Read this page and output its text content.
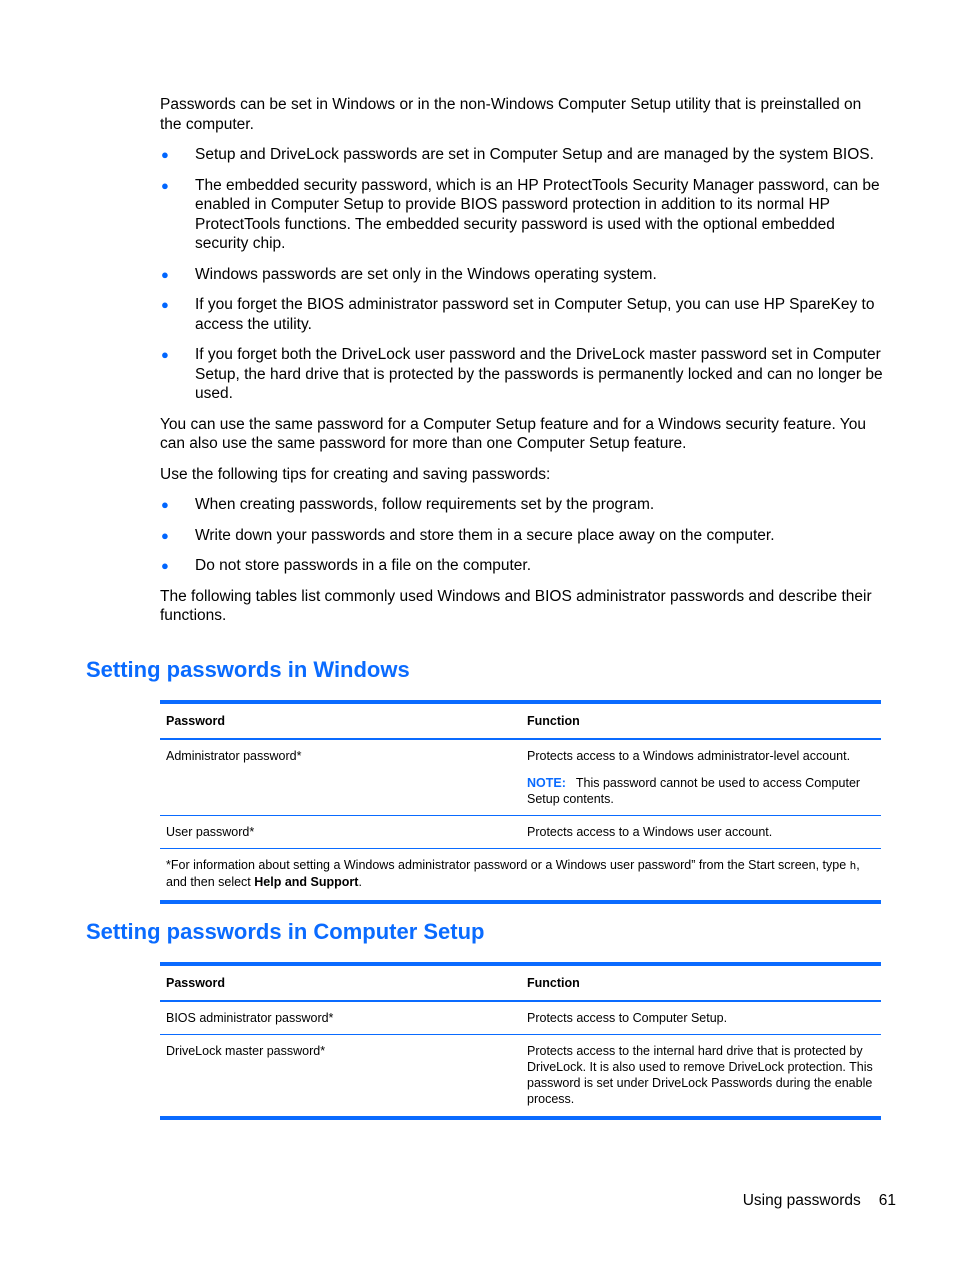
Passwords can be set in Windows or in the non-Windows Computer Setup utility that is preinstalled on the computer.

● Setup and DriveLock passwords are set in Computer Setup and are managed by the system BIOS.
● The embedded security password, which is an HP ProtectTools Security Manager password, can be enabled in Computer Setup to provide BIOS password protection in addition to its normal HP ProtectTools functions. The embedded security password is used with the optional embedded security chip.
● Windows passwords are set only in the Windows operating system.
● If you forget the BIOS administrator password set in Computer Setup, you can use HP SpareKey to access the utility.
● If you forget both the DriveLock user password and the DriveLock master password set in Computer Setup, the hard drive that is protected by the passwords is permanently locked and can no longer be used.

You can use the same password for a Computer Setup feature and for a Windows security feature. You can also use the same password for more than one Computer Setup feature.

Use the following tips for creating and saving passwords:

● When creating passwords, follow requirements set by the program.
● Write down your passwords and store them in a secure place away on the computer.
● Do not store passwords in a file on the computer.

The following tables list commonly used Windows and BIOS administrator passwords and describe their functions.

Setting passwords in Windows
Password	Function
Administrator password*	Protects access to a Windows administrator-level account.
NOTE: This password cannot be used to access Computer Setup contents.

User password*	Protects access to a Windows user account.
*For information about setting a Windows administrator password or a Windows user password” from the Start screen, type h, and then select Help and Support.	
Setting passwords in Computer Setup
Password	Function
BIOS administrator password*	Protects access to Computer Setup.
DriveLock master password*	Protects access to the internal hard drive that is protected by DriveLock. It is also used to remove DriveLock protection. This password is set under DriveLock Passwords during the enable process.
Using passwords 61
